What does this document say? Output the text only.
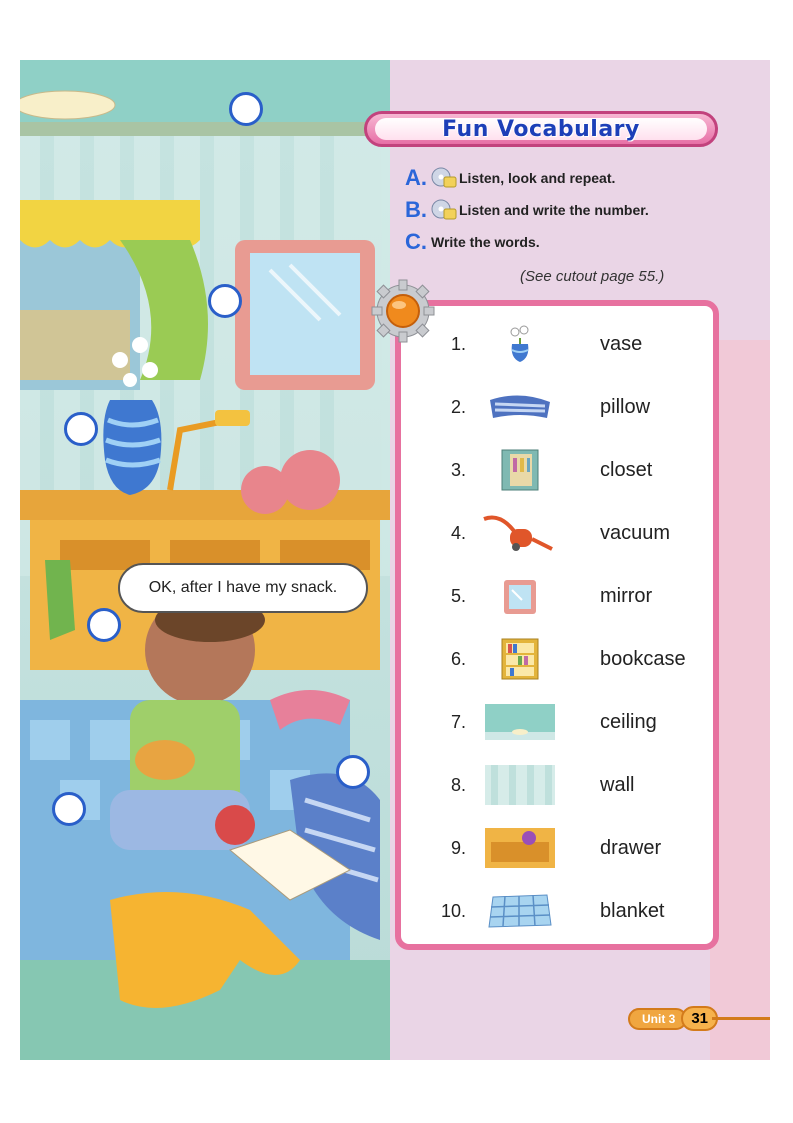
OK, after I have my snack.
Fun Vocabulary
A. Listen, look and repeat.
B. Listen and write the number.
C. Write the words.
(See cutout page 55.)
1.	vase
2.	pillow
3.	closet
4.	vacuum
5.	mirror
6.	bookcase
7.	ceiling
8.	wall
9.	drawer
10.	blanket
Unit 3	31
